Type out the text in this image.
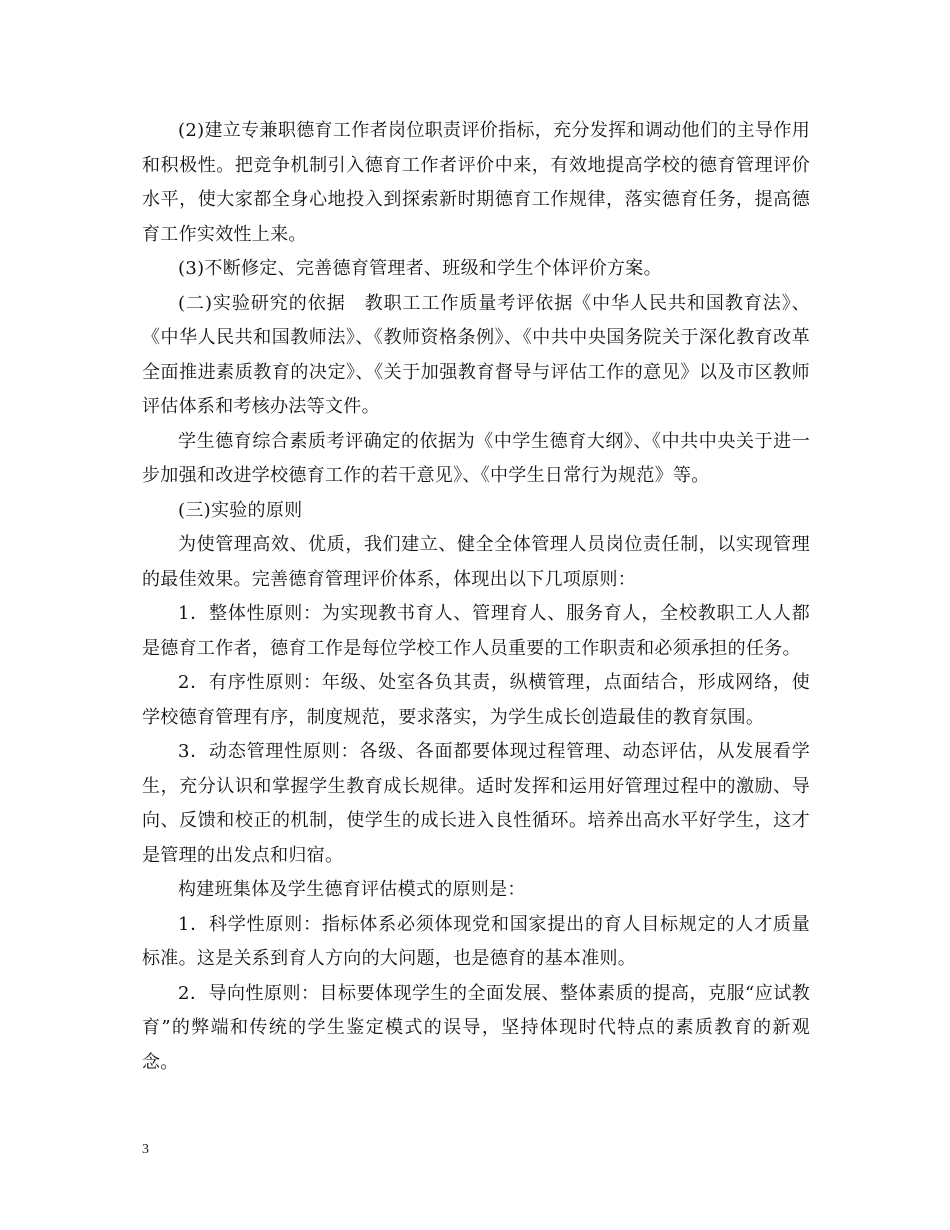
(2)建立专兼职德育工作者岗位职责评价指标，充分发挥和调动他们的主导作用和积极性。把竞争机制引入德育工作者评价中来，有效地提高学校的德育管理评价水平，使大家都全身心地投入到探索新时期德育工作规律，落实德育任务，提高德育工作实效性上来。

(3)不断修定、完善德育管理者、班级和学生个体评价方案。

(二)实验研究的依据　教职工工作质量考评依据《中华人民共和国教育法》、《中华人民共和国教师法》、《教师资格条例》、《中共中央国务院关于深化教育改革全面推进素质教育的决定》、《关于加强教育督导与评估工作的意见》以及市区教师评估体系和考核办法等文件。

学生德育综合素质考评确定的依据为《中学生德育大纲》、《中共中央关于进一步加强和改进学校德育工作的若干意见》、《中学生日常行为规范》等。

(三)实验的原则

为使管理高效、优质，我们建立、健全全体管理人员岗位责任制，以实现管理的最佳效果。完善德育管理评价体系，体现出以下几项原则：

1．整体性原则：为实现教书育人、管理育人、服务育人，全校教职工人人都是德育工作者，德育工作是每位学校工作人员重要的工作职责和必须承担的任务。

2．有序性原则：年级、处室各负其责，纵横管理，点面结合，形成网络，使学校德育管理有序，制度规范，要求落实，为学生成长创造最佳的教育氛围。

3．动态管理性原则：各级、各面都要体现过程管理、动态评估，从发展看学生，充分认识和掌握学生教育成长规律。适时发挥和运用好管理过程中的激励、导向、反馈和校正的机制，使学生的成长进入良性循环。培养出高水平好学生，这才是管理的出发点和归宿。

构建班集体及学生德育评估模式的原则是：

1．科学性原则：指标体系必须体现党和国家提出的育人目标规定的人才质量标准。这是关系到育人方向的大问题，也是德育的基本准则。

2．导向性原则：目标要体现学生的全面发展、整体素质的提高，克服“应试教育”的弊端和传统的学生鉴定模式的误导，坚持体现时代特点的素质教育的新观念。

3
